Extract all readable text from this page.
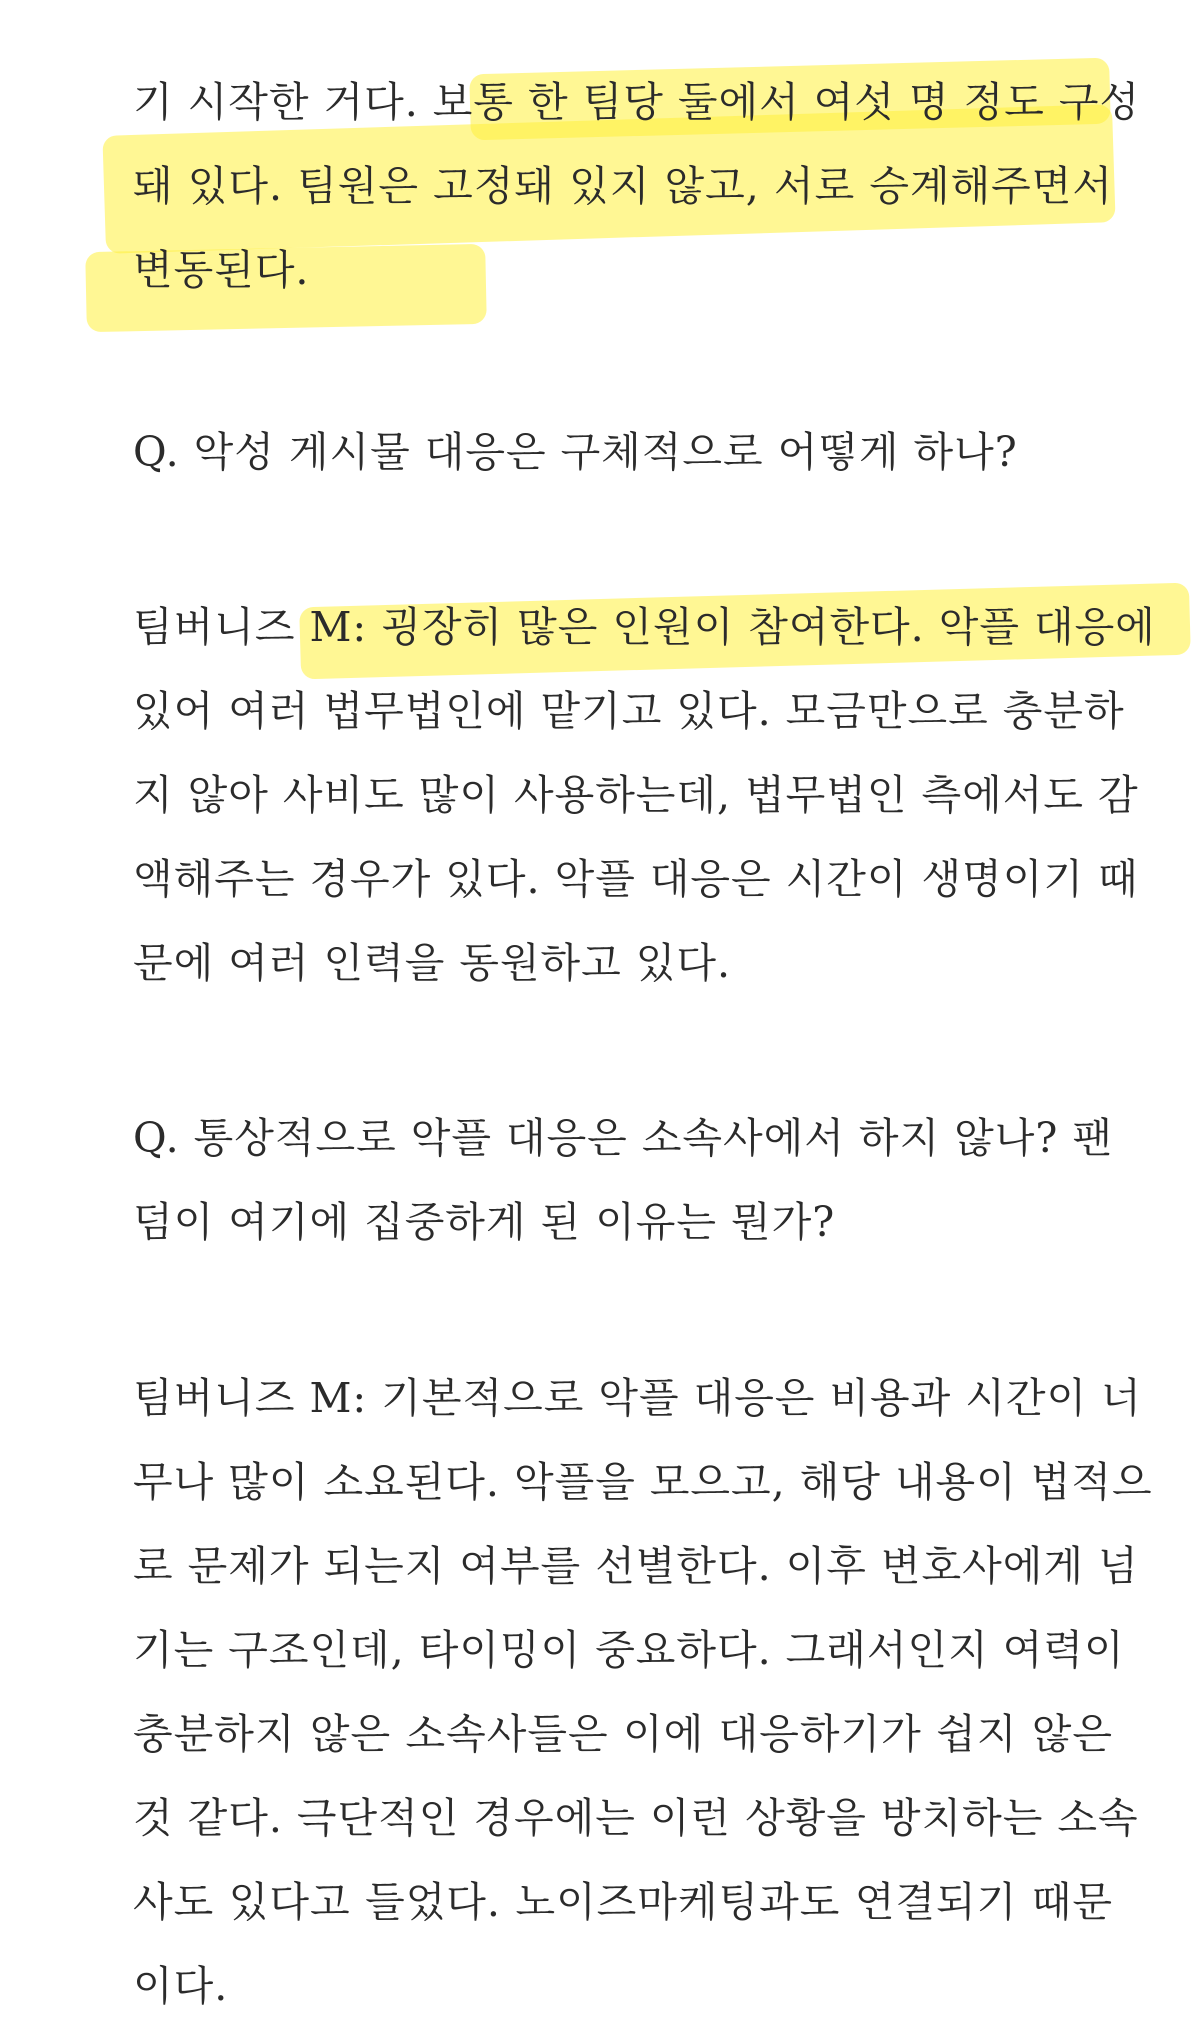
기 시작한 거다. 보통 한 팀당 둘에서 여섯 명 정도 구성
돼 있다. 팀원은 고정돼 있지 않고, 서로 승계해주면서
변동된다.
Q. 악성 게시물 대응은 구체적으로 어떻게 하나?
팀버니즈 M: 굉장히 많은 인원이 참여한다. 악플 대응에
있어 여러 법무법인에 맡기고 있다. 모금만으로 충분하
지 않아 사비도 많이 사용하는데, 법무법인 측에서도 감
액해주는 경우가 있다. 악플 대응은 시간이 생명이기 때
문에 여러 인력을 동원하고 있다.
Q. 통상적으로 악플 대응은 소속사에서 하지 않나? 팬
덤이 여기에 집중하게 된 이유는 뭔가?
팀버니즈 M: 기본적으로 악플 대응은 비용과 시간이 너
무나 많이 소요된다. 악플을 모으고, 해당 내용이 법적으
로 문제가 되는지 여부를 선별한다. 이후 변호사에게 넘
기는 구조인데, 타이밍이 중요하다. 그래서인지 여력이
충분하지 않은 소속사들은 이에 대응하기가 쉽지 않은
것 같다. 극단적인 경우에는 이런 상황을 방치하는 소속
사도 있다고 들었다. 노이즈마케팅과도 연결되기 때문
이다.
